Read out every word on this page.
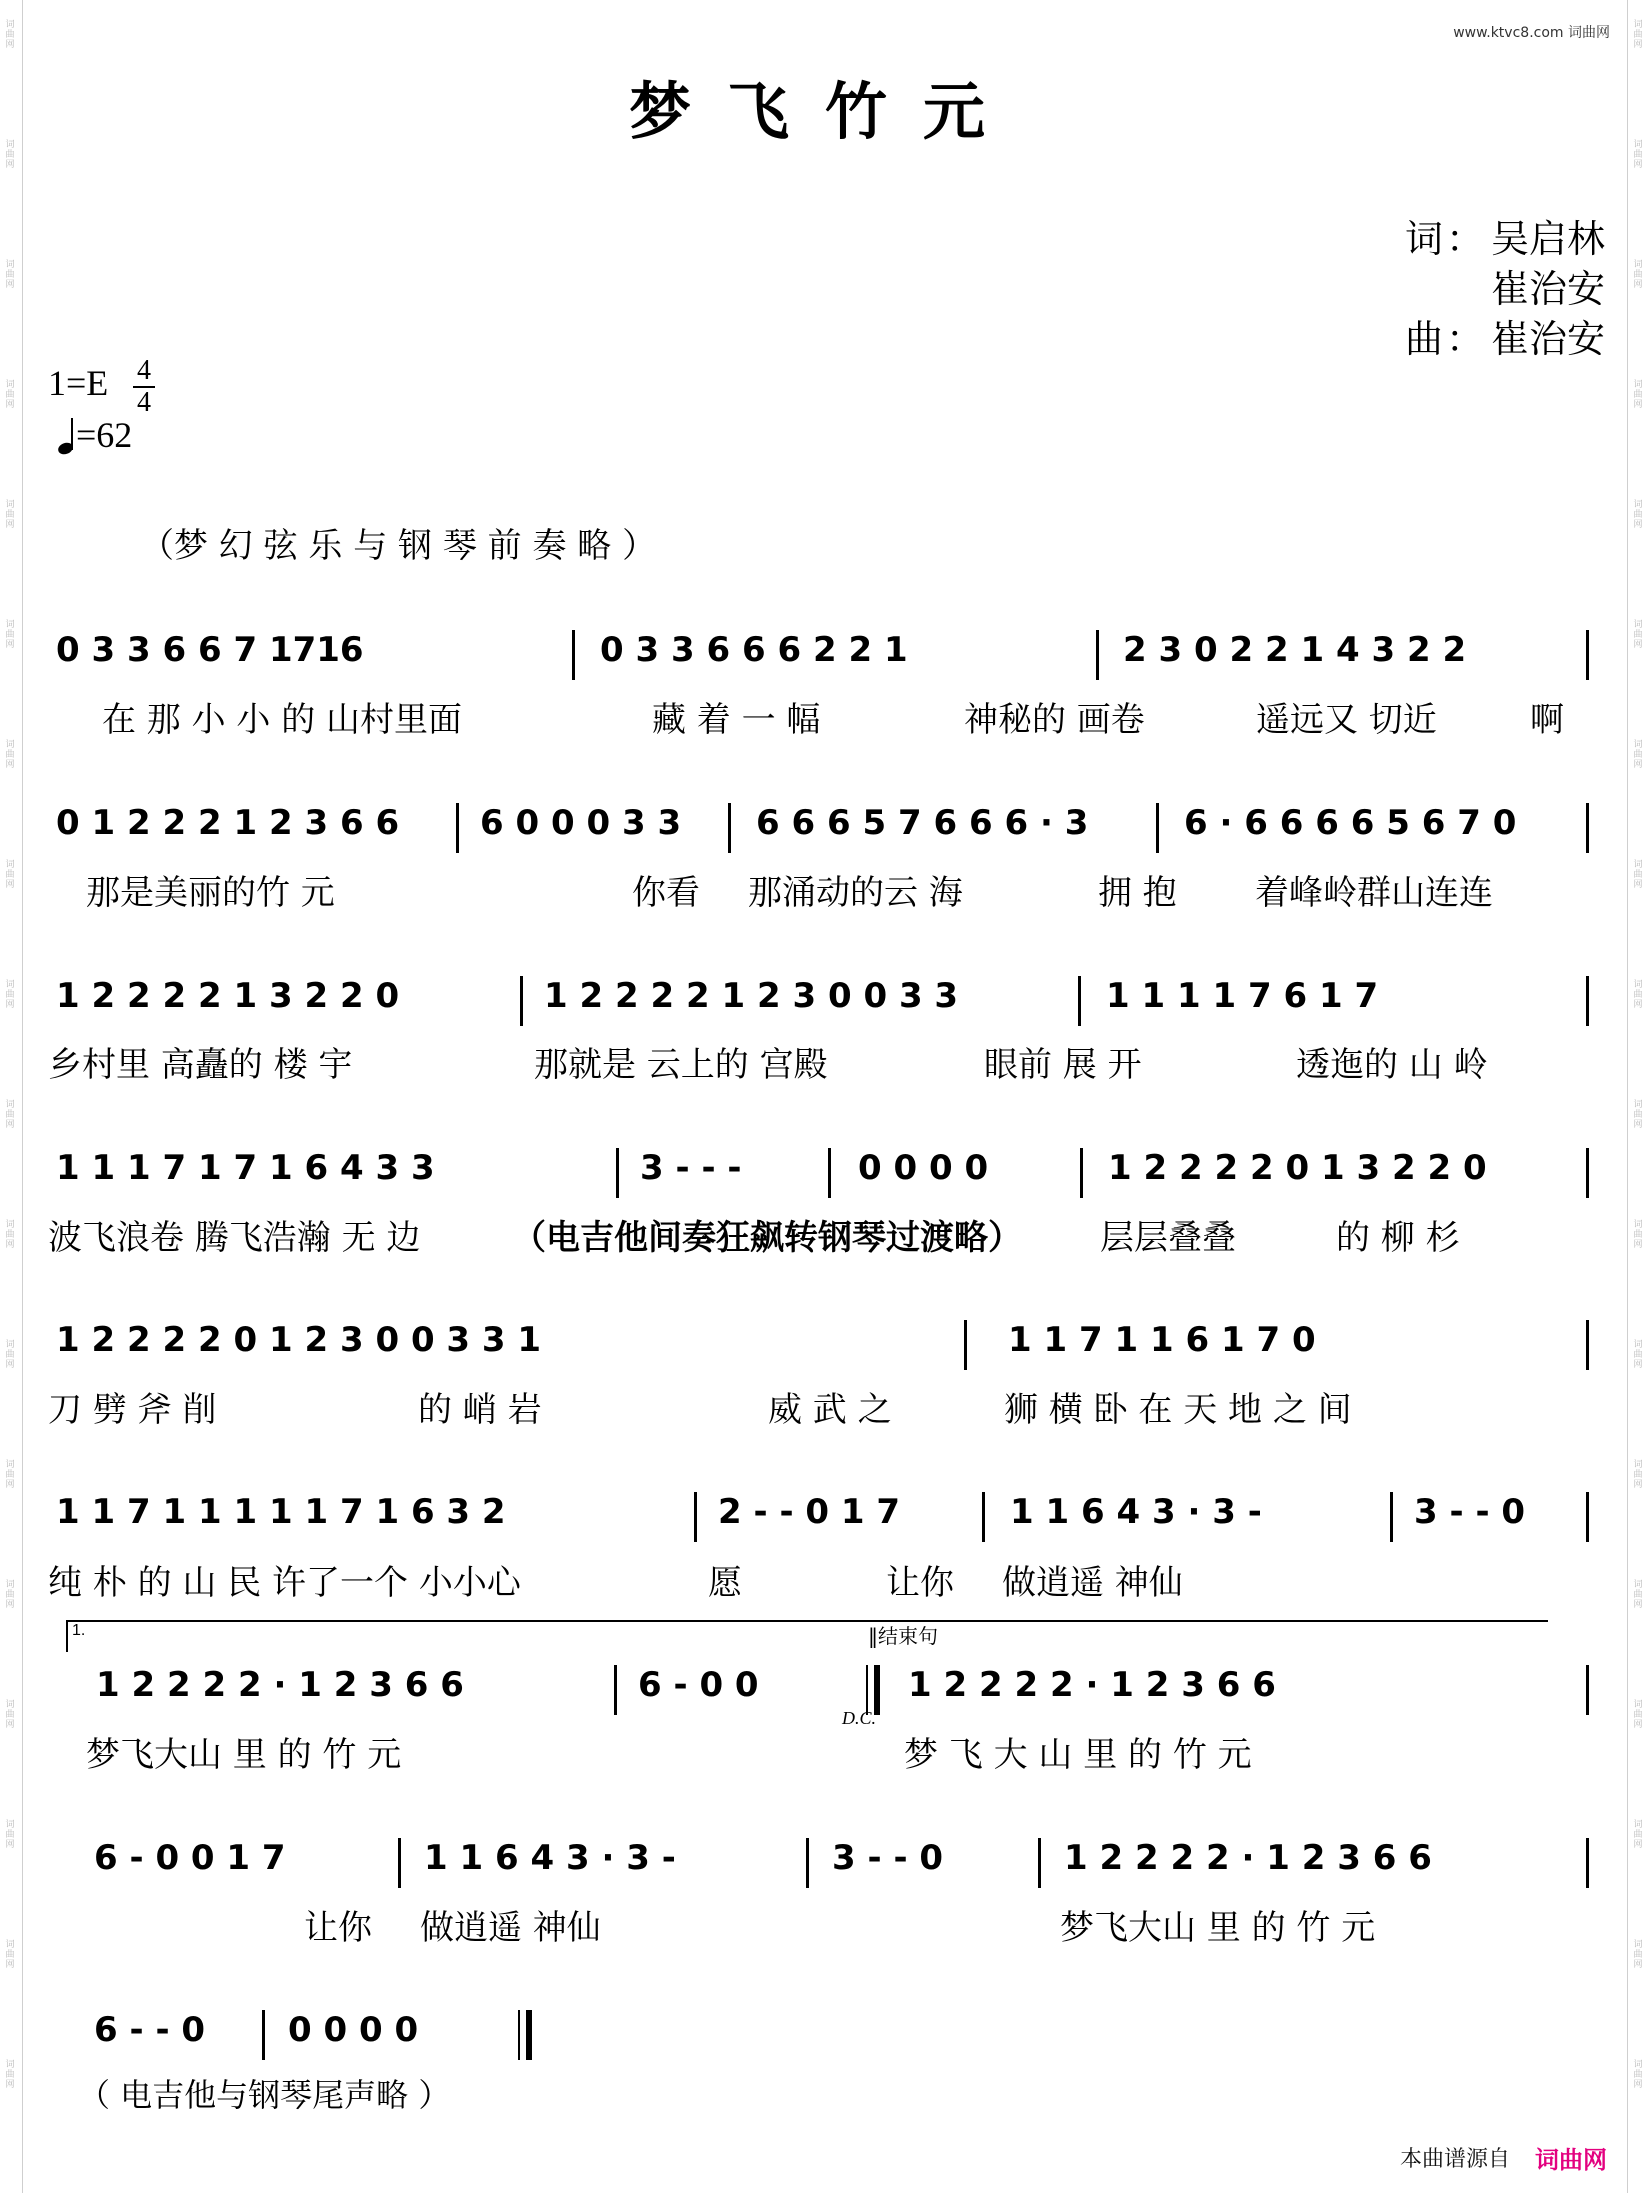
词曲网
词曲网
词曲网
词曲网
词曲网
词曲网
词曲网
词曲网
词曲网
词曲网
词曲网
词曲网
词曲网
词曲网
词曲网
词曲网
词曲网
词曲网
词曲网
词曲网
词曲网
词曲网
词曲网
词曲网
词曲网
词曲网
词曲网
词曲网
词曲网
词曲网
词曲网
词曲网
词曲网
词曲网
词曲网
词曲网
www.ktvc8.com 词曲网
梦飞竹元
词： 吴启林
崔治安
曲： 崔治安
1=E 4
4
=62
（梦 幻 弦 乐 与 钢 琴 前 奏 略 ）
0 3 3 6 6 7 1716	0 3 3 6 6 6 2 2 1	2 3 0 2 2 1 4 3 2 2
在 那 小 小 的 山村里面	藏 着 一 幅	神秘的 画卷	遥远又 切近	啊
0 1 2 2 2 1 2 3 6 6 6 0 0 0 3 3 6 6 6 5 7 6 6 6 · 3	6 · 6 6 6 6 5 6 7 0
那是美丽的竹 元	你看 那涌动的云 海	拥 抱 着峰岭群山连连
1 2 2 2 2 1 3 2 2 0	1 2 2 2 2 1 2 3 0 0 3 3	1 1 1 1 7 6 1 7
乡村里 高矗的 楼 宇	那就是 云上的 宫殿	眼前 展 开	透迤的 山 岭
1 1 1 7 1 7 1 6 4 3 3	3 - - -	0 0 0 0	1 2 2 2 2 0 1 3 2 2 0
波飞浪卷 腾飞浩瀚 无 边	（电吉他间奏狂飙转钢琴过渡略） 层层叠叠	的 柳 杉
1 2 2 2 2 0 1 2 3 0 0 3 3 1	1 1 7 1 1 6 1 7 0
刀 劈 斧 削	的 峭 岩	威 武 之	狮 横 卧 在 天 地 之 间
1 1 7 1 1 1 1 1 7 1 6 3 2	2 - - 0 1 7	1 1 6 4 3 · 3 -	3 - - 0
纯 朴 的 山 民 许了一个 小小心	愿	让你 做逍遥 神仙
1.	‖结束句
1 2 2 2 2 · 1 2 3 6 6	6 - 0 0	1 2 2 2 2 · 1 2 3 6 6
D.C.
梦飞大山 里 的 竹 元	梦 飞 大 山 里 的 竹 元
6 - 0 0 1 7	1 1 6 4 3 · 3 -	3 - - 0	1 2 2 2 2 · 1 2 3 6 6
让你 做逍遥 神仙	梦飞大山 里 的 竹 元
6 - - 0 0 0 0 0
（ 电吉他与钢琴尾声略 ）
本曲谱源自 词曲网
